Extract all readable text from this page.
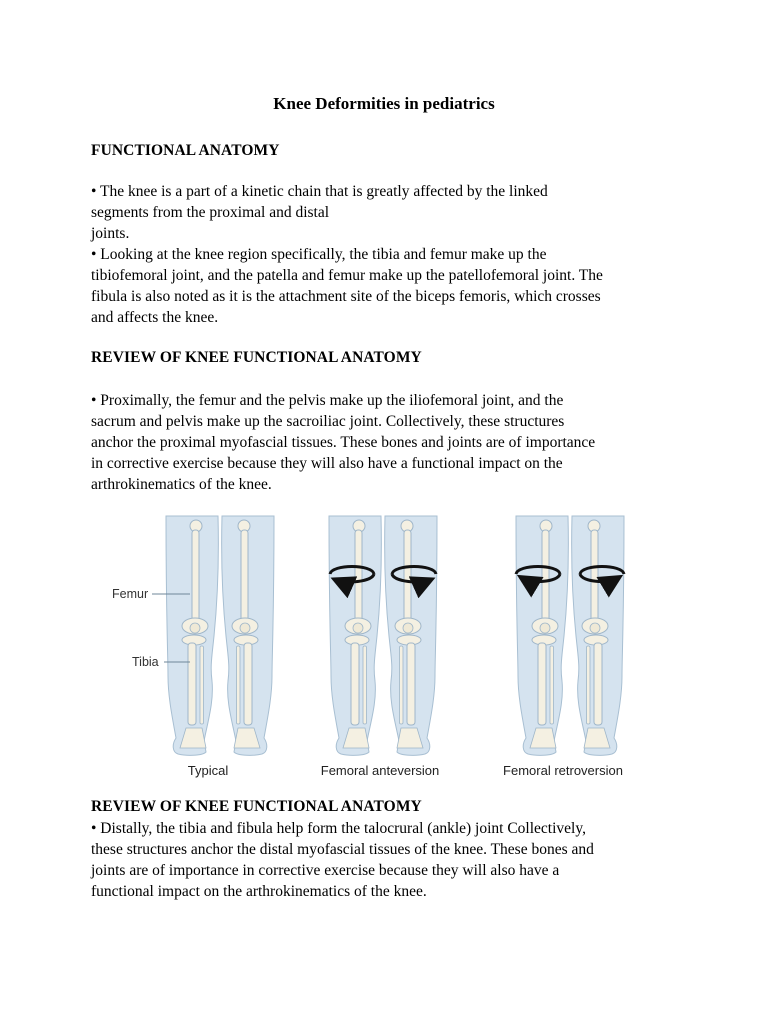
Knee Deformities in pediatrics
FUNCTIONAL ANATOMY
• The knee is a part of a kinetic chain that is greatly affected by the linked
segments from the proximal and distal
joints.
• Looking at the knee region specifically, the tibia and femur make up the
tibiofemoral joint, and the patella and femur make up the patellofemoral joint. The
fibula is also noted as it is the attachment site of the biceps femoris, which crosses
and affects the knee.
REVIEW OF KNEE FUNCTIONAL ANATOMY
• Proximally, the femur and the pelvis make up the iliofemoral joint, and the
sacrum and pelvis make up the sacroiliac joint. Collectively, these structures
anchor the proximal myofascial tissues. These bones and joints are of importance
in corrective exercise because they will also have a functional impact on the
arthrokinematics of the knee.
Femur
Tibia
Typical	Femoral anteversion	Femoral retroversion
REVIEW OF KNEE FUNCTIONAL ANATOMY
• Distally, the tibia and fibula help form the talocrural (ankle) joint Collectively,
these structures anchor the distal myofascial tissues of the knee. These bones and
joints are of importance in corrective exercise because they will also have a
functional impact on the arthrokinematics of the knee.
